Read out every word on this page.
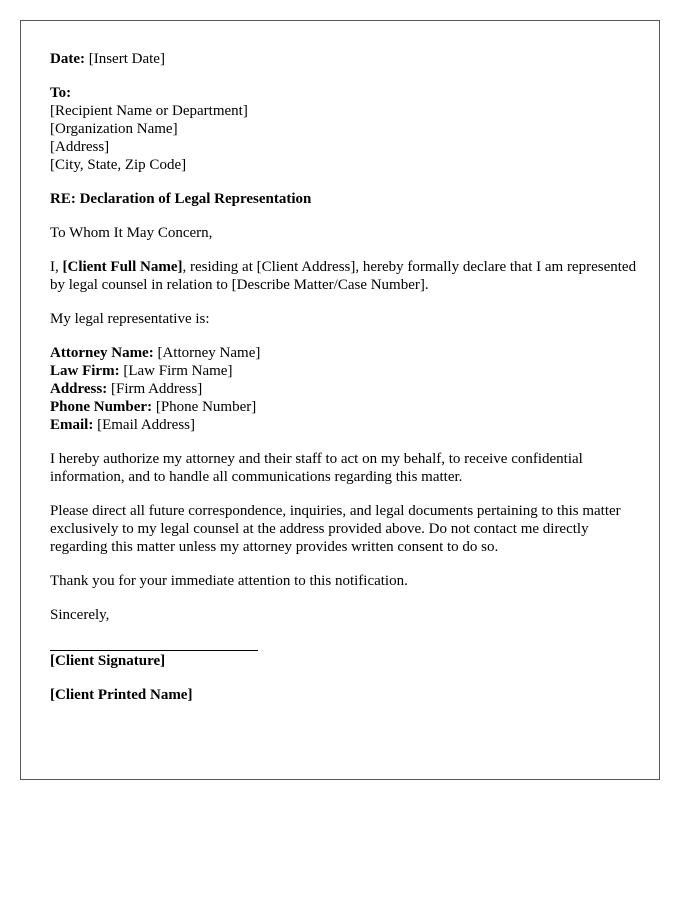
Date: [Insert Date]

To:
[Recipient Name or Department]
[Organization Name]
[Address]
[City, State, Zip Code]

RE: Declaration of Legal Representation

To Whom It May Concern,

I, [Client Full Name], residing at [Client Address], hereby formally declare that I am represented by legal counsel in relation to [Describe Matter/Case Number].

My legal representative is:

Attorney Name: [Attorney Name]
Law Firm: [Law Firm Name]
Address: [Firm Address]
Phone Number: [Phone Number]
Email: [Email Address]

I hereby authorize my attorney and their staff to act on my behalf, to receive confidential information, and to handle all communications regarding this matter.

Please direct all future correspondence, inquiries, and legal documents pertaining to this matter exclusively to my legal counsel at the address provided above. Do not contact me directly regarding this matter unless my attorney provides written consent to do so.

Thank you for your immediate attention to this notification.

Sincerely,

[Client Signature]

[Client Printed Name]
